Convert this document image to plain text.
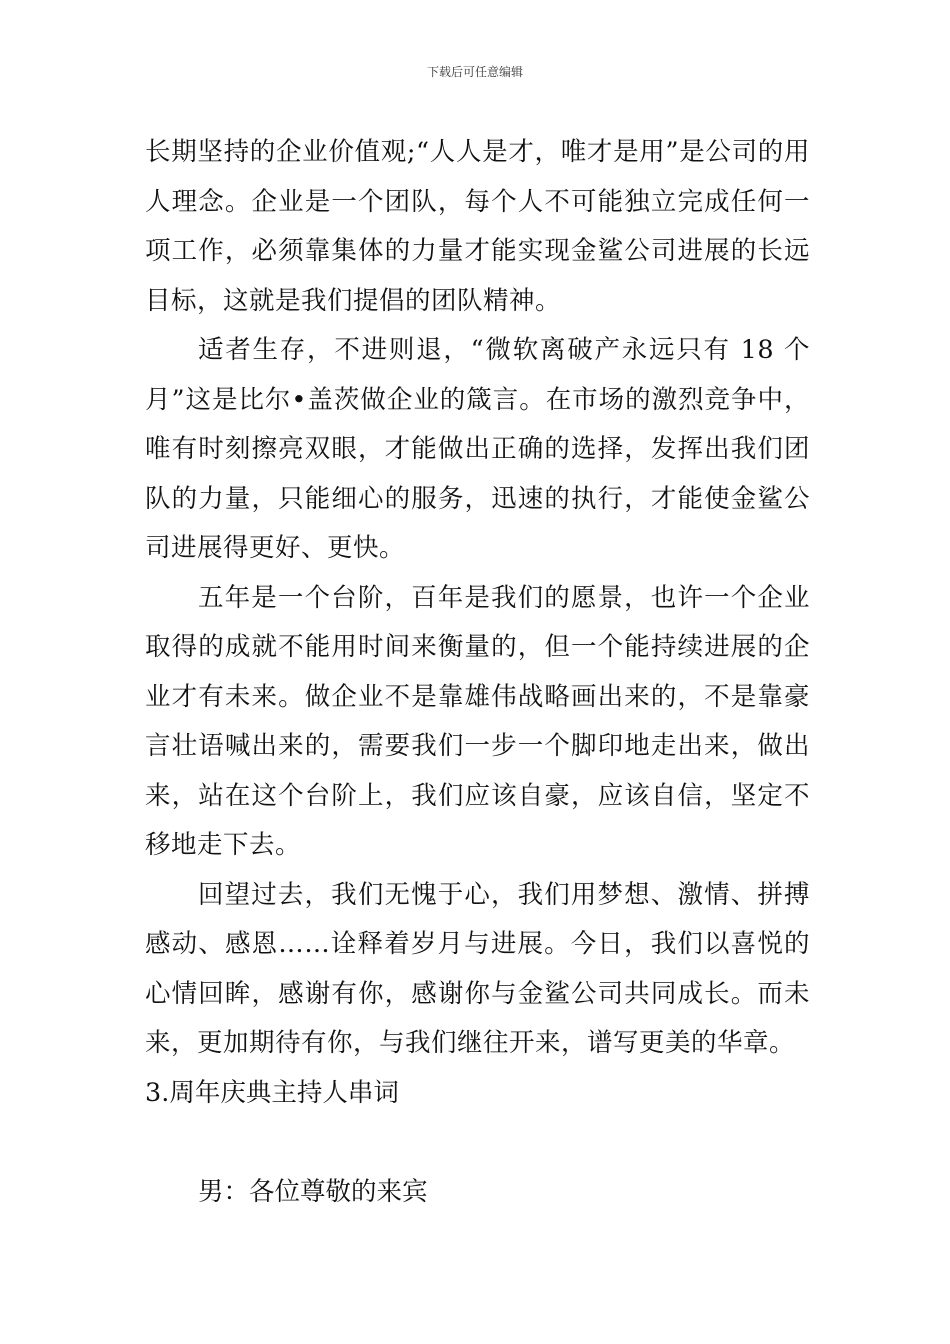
下载后可任意编辑

长期坚持的企业价值观;“人人是才，唯才是用”是公司的用人理念。企业是一个团队，每个人不可能独立完成任何一项工作，必须靠集体的力量才能实现金鲨公司进展的长远目标，这就是我们提倡的团队精神。

适者生存，不进则退，“微软离破产永远只有 18 个月”这是比尔•盖茨做企业的箴言。在市场的激烈竞争中，唯有时刻擦亮双眼，才能做出正确的选择，发挥出我们团队的力量，只能细心的服务，迅速的执行，才能使金鲨公司进展得更好、更快。

五年是一个台阶，百年是我们的愿景，也许一个企业取得的成就不能用时间来衡量的，但一个能持续进展的企业才有未来。做企业不是靠雄伟战略画出来的，不是靠豪言壮语喊出来的，需要我们一步一个脚印地走出来，做出来，站在这个台阶上，我们应该自豪，应该自信，坚定不移地走下去。

回望过去，我们无愧于心，我们用梦想、激情、拼搏感动、感恩……诠释着岁月与进展。今日，我们以喜悦的心情回眸，感谢有你，感谢你与金鲨公司共同成长。而未来，更加期待有你，与我们继往开来，谱写更美的华章。

3.周年庆典主持人串词

男：各位尊敬的来宾
